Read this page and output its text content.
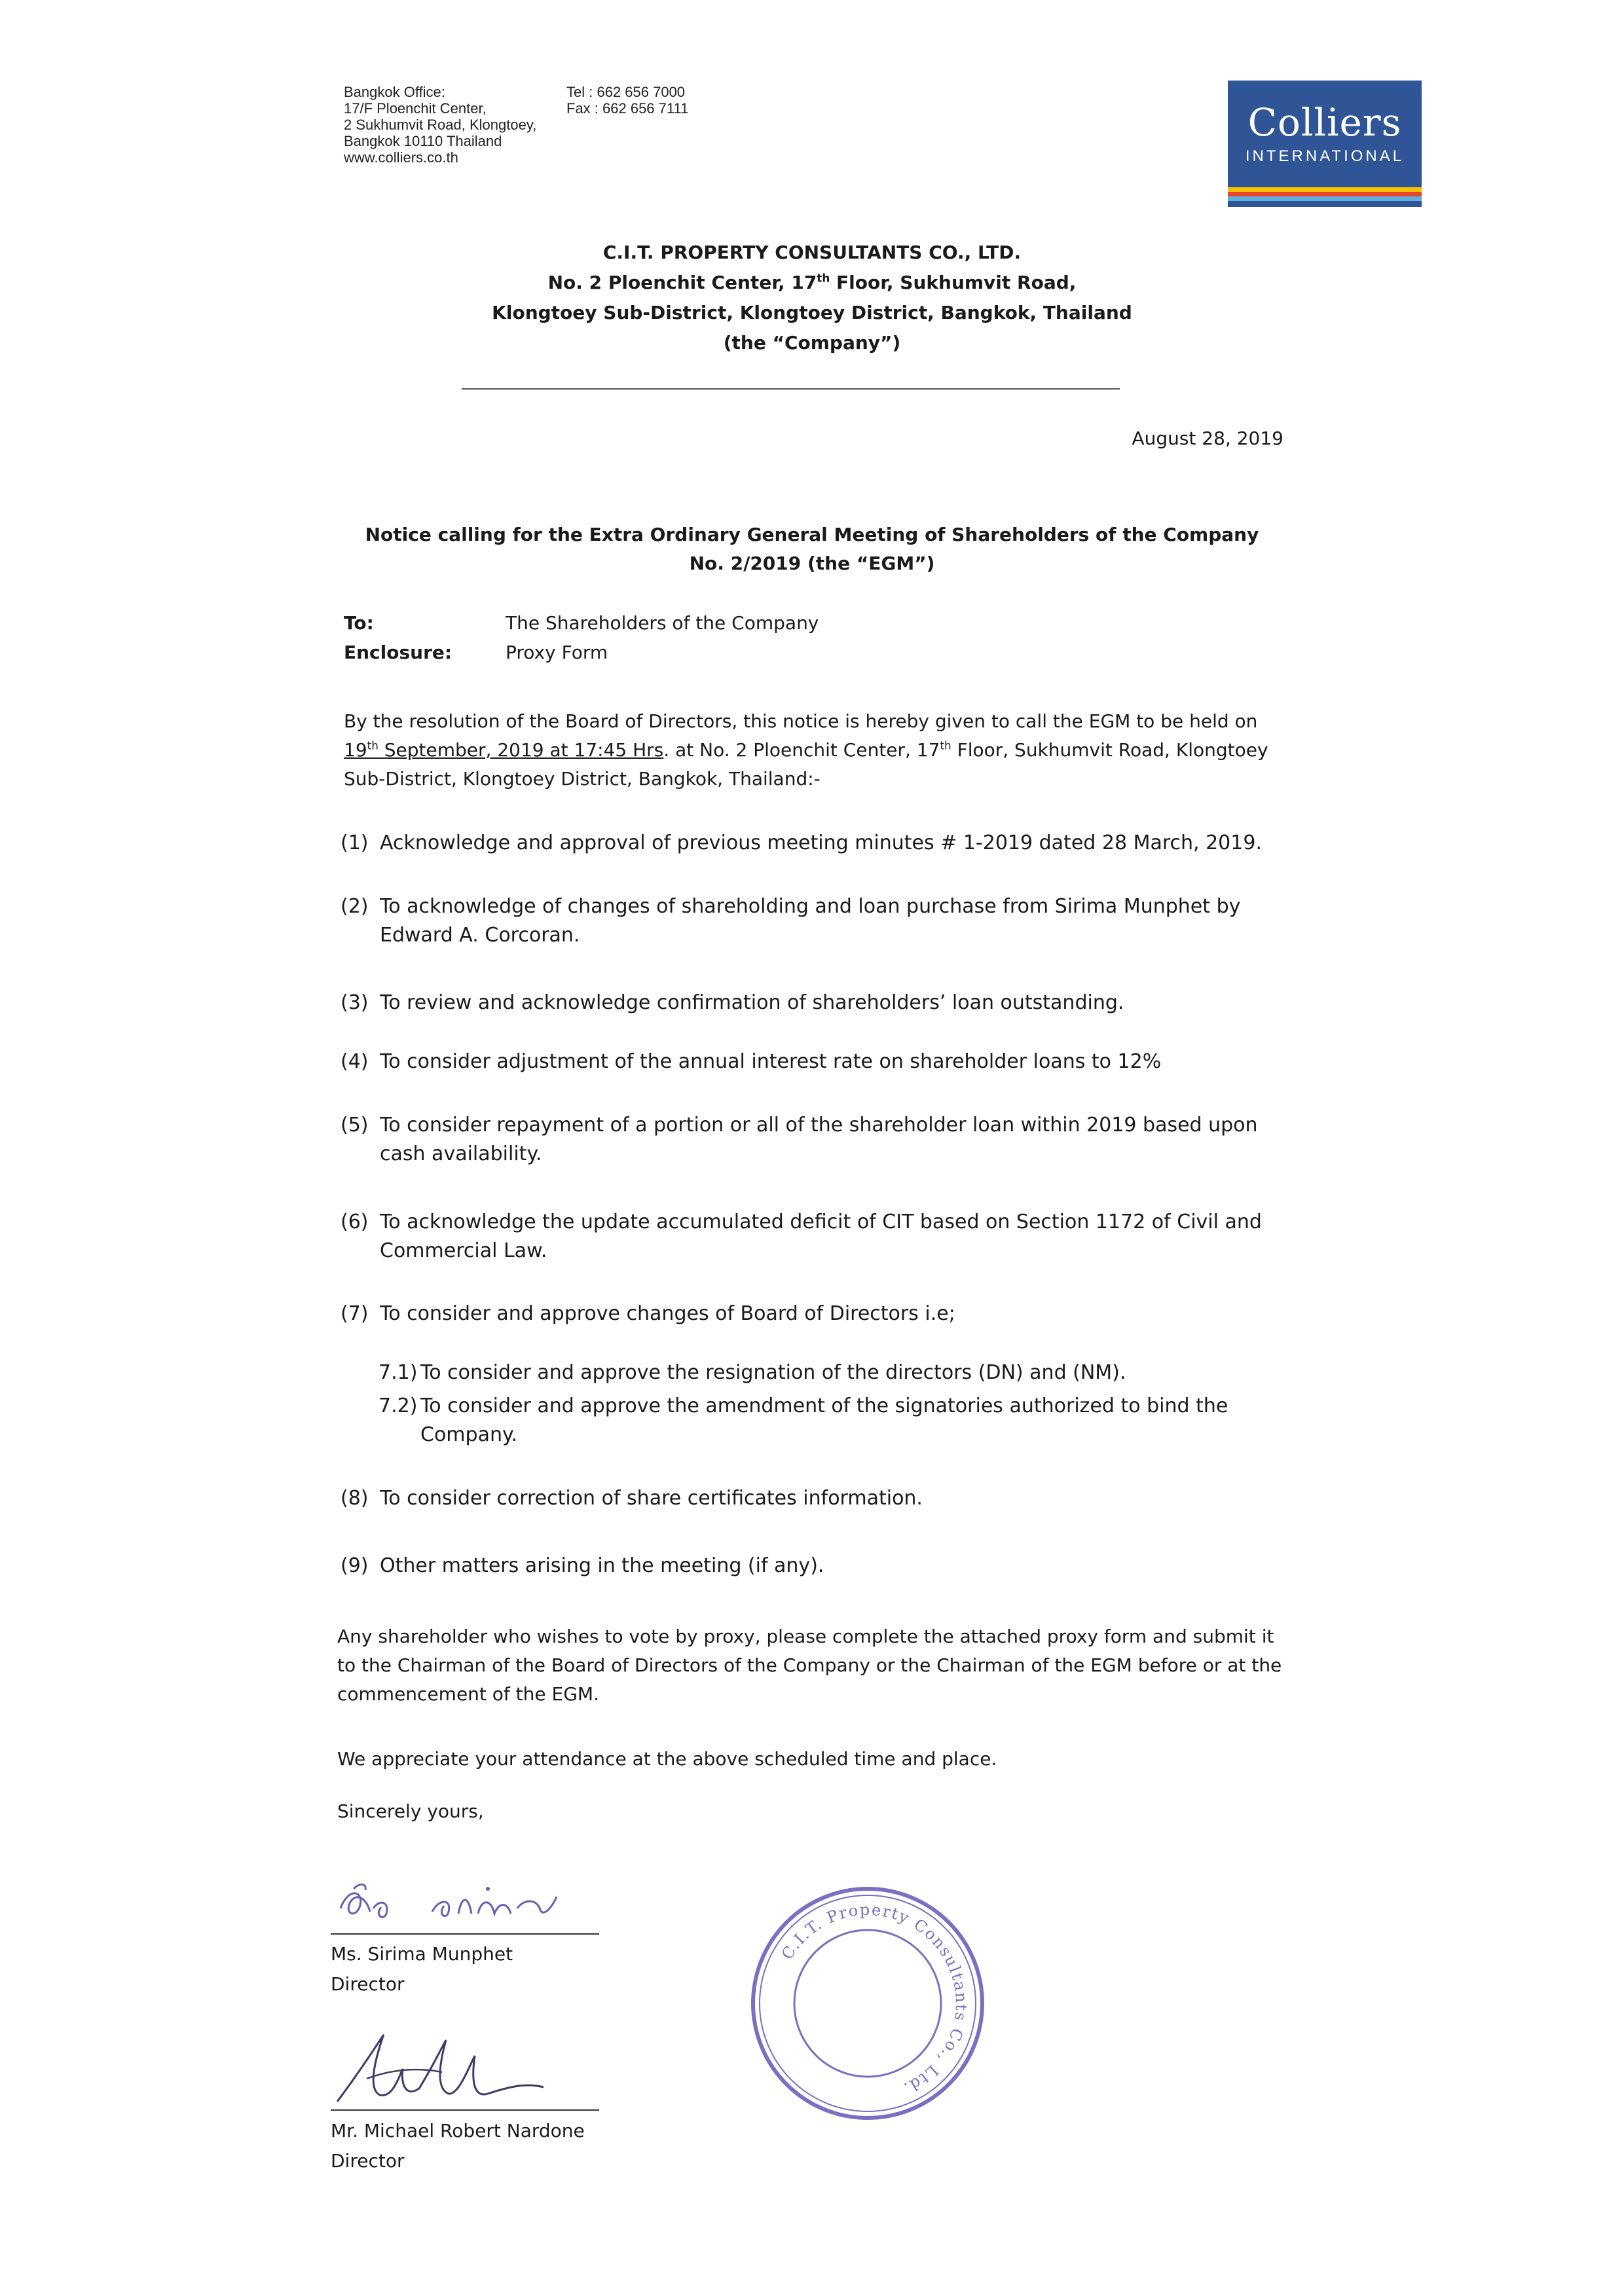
Bangkok Office:
17/F Ploenchit Center,
2 Sukhumvit Road, Klongtoey,
Bangkok 10110 Thailand
www.colliers.co.th
Tel : 662 656 7000
Fax : 662 656 7111	Colliers
INTERNATIONAL
C.I.T. PROPERTY CONSULTANTS CO., LTD.
No. 2 Ploenchit Center, 17th Floor, Sukhumvit Road,
Klongtoey Sub-District, Klongtoey District, Bangkok, Thailand
(the “Company”)
August 28, 2019
Notice calling for the Extra Ordinary General Meeting of Shareholders of the Company
No. 2/2019 (the “EGM”)
To:	The Shareholders of the Company
Enclosure:	Proxy Form
By the resolution of the Board of Directors, this notice is hereby given to call the EGM to be held on
19th September, 2019 at 17:45 Hrs. at No. 2 Ploenchit Center, 17th Floor, Sukhumvit Road, Klongtoey
Sub-District, Klongtoey District, Bangkok, Thailand:-
(1) Acknowledge and approval of previous meeting minutes # 1-2019 dated 28 March, 2019.
(2) To acknowledge of changes of shareholding and loan purchase from Sirima Munphet by Edward A. Corcoran.
(3) To review and acknowledge confirmation of shareholders’ loan outstanding.
(4) To consider adjustment of the annual interest rate on shareholder loans to 12%
(5) To consider repayment of a portion or all of the shareholder loan within 2019 based upon cash availability.
(6) To acknowledge the update accumulated deficit of CIT based on Section 1172 of Civil and Commercial Law.
(7) To consider and approve changes of Board of Directors i.e;
7.1) To consider and approve the resignation of the directors (DN) and (NM).
7.2) To consider and approve the amendment of the signatories authorized to bind the Company.
(8) To consider correction of share certificates information.
(9) Other matters arising in the meeting (if any).
Any shareholder who wishes to vote by proxy, please complete the attached proxy form and submit it to the Chairman of the Board of Directors of the Company or the Chairman of the EGM before or at the commencement of the EGM.
We appreciate your attendance at the above scheduled time and place.
Sincerely yours,
Ms. Sirima Munphet
Director
Mr. Michael Robert Nardone
Director
C.I.T. Property Consultants Co., Ltd.
